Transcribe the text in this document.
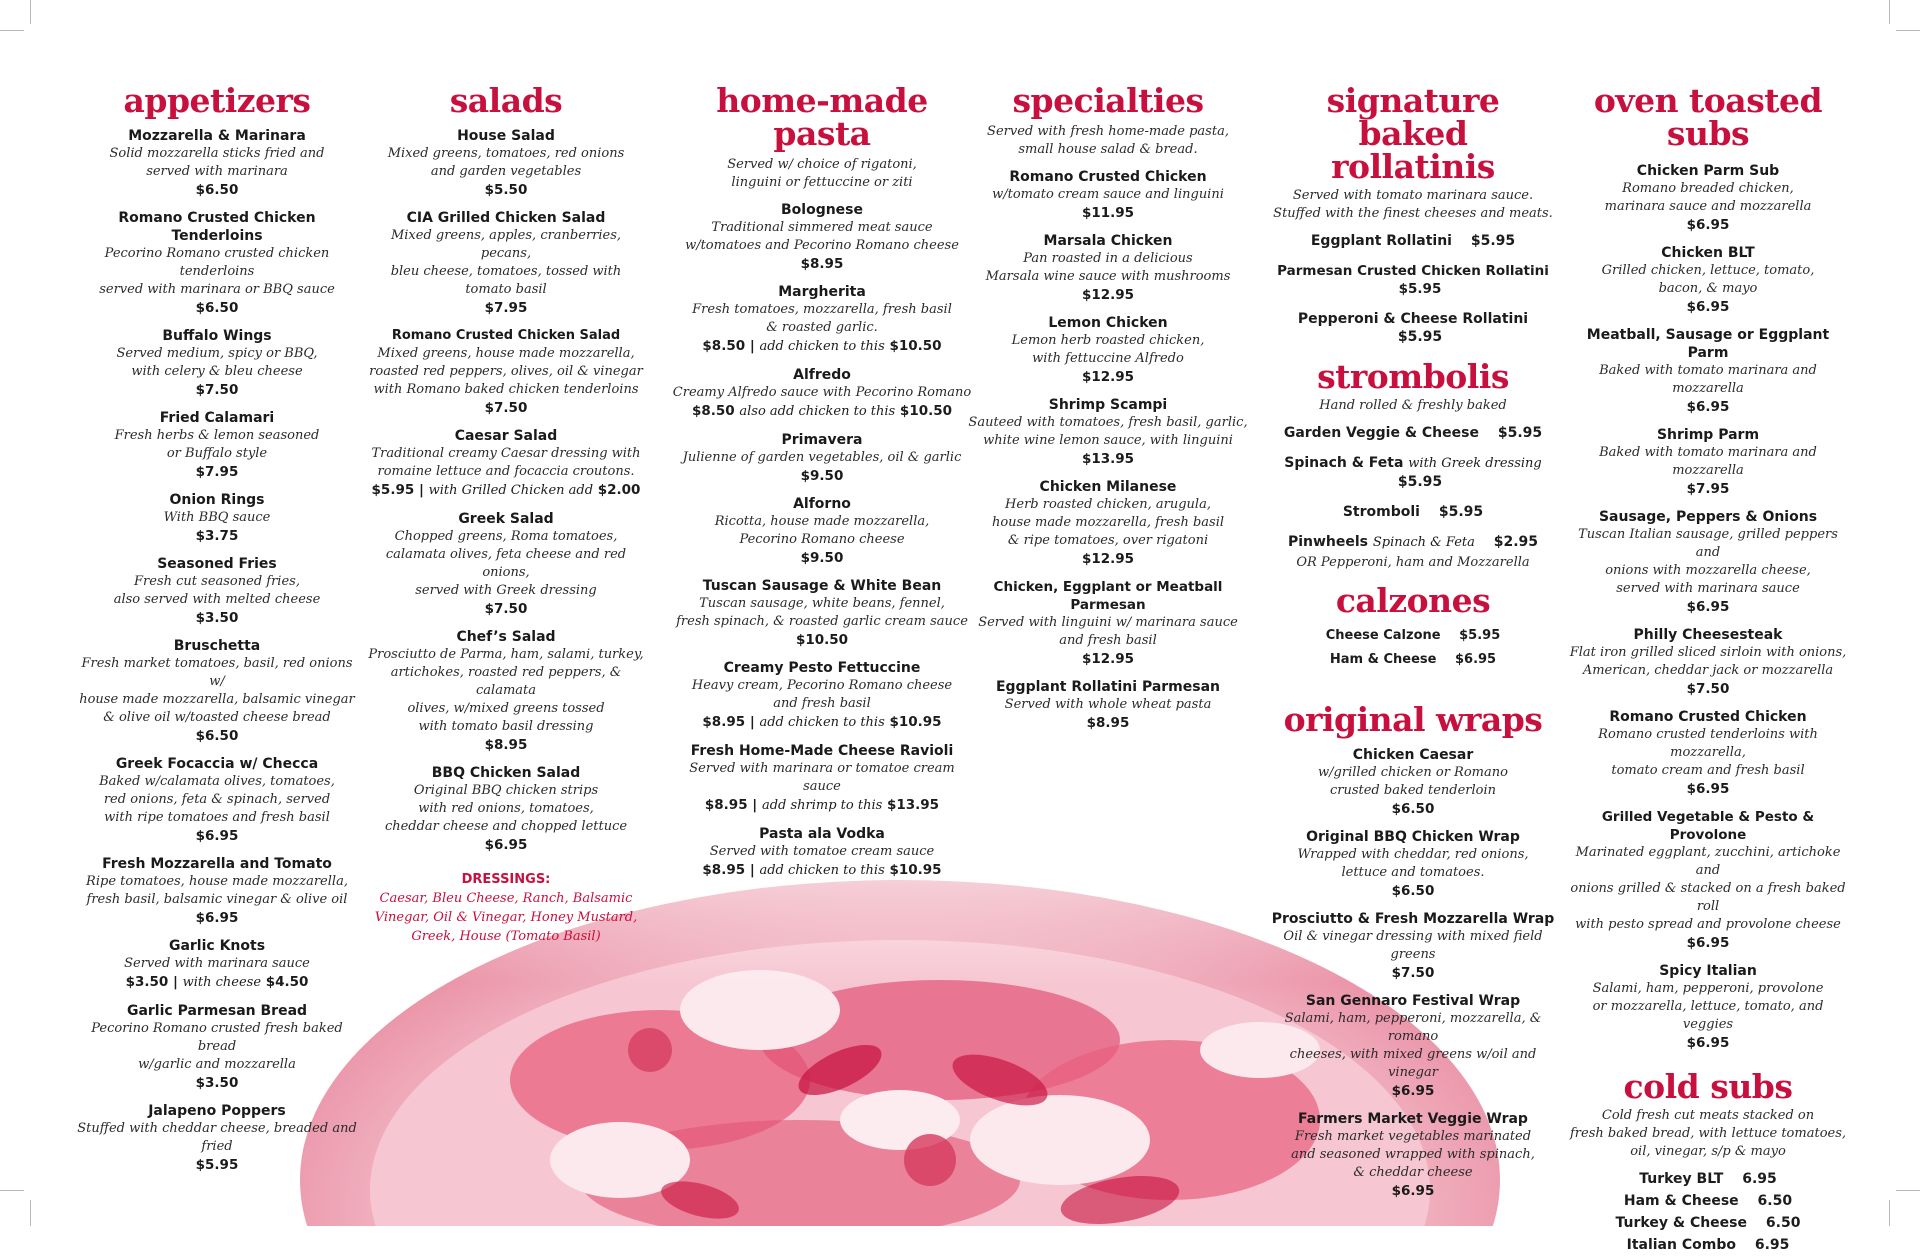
appetizers
Mozzarella & Marinara
Solid mozzarella sticks fried and
served with marinara
$6.50
Romano Crusted Chicken Tenderloins
Pecorino Romano crusted chicken tenderloins
served with marinara or BBQ sauce
$6.50
Buffalo Wings
Served medium, spicy or BBQ,
with celery & bleu cheese
$7.50
Fried Calamari
Fresh herbs & lemon seasoned
or Buffalo style
$7.95
Onion Rings
With BBQ sauce
$3.75
Seasoned Fries
Fresh cut seasoned fries,
also served with melted cheese
$3.50
Bruschetta
Fresh market tomatoes, basil, red onions w/
house made mozzarella, balsamic vinegar
& olive oil w/toasted cheese bread
$6.50
Greek Focaccia w/ Checca
Baked w/calamata olives, tomatoes,
red onions, feta & spinach, served
with ripe tomatoes and fresh basil
$6.95
Fresh Mozzarella and Tomato
Ripe tomatoes, house made mozzarella,
fresh basil, balsamic vinegar & olive oil
$6.95
Garlic Knots
Served with marinara sauce
$3.50 | with cheese $4.50
Garlic Parmesan Bread
Pecorino Romano crusted fresh baked bread
w/garlic and mozzarella
$3.50
Jalapeno Poppers
Stuffed with cheddar cheese, breaded and fried
$5.95
salads
House Salad
Mixed greens, tomatoes, red onions
and garden vegetables
$5.50
CIA Grilled Chicken Salad
Mixed greens, apples, cranberries, pecans,
bleu cheese, tomatoes, tossed with
tomato basil
$7.95
Romano Crusted Chicken Salad
Mixed greens, house made mozzarella,
roasted red peppers, olives, oil & vinegar
with Romano baked chicken tenderloins
$7.50
Caesar Salad
Traditional creamy Caesar dressing with
romaine lettuce and focaccia croutons.
$5.95 | with Grilled Chicken add $2.00
Greek Salad
Chopped greens, Roma tomatoes,
calamata olives, feta cheese and red onions,
served with Greek dressing
$7.50
Chef’s Salad
Prosciutto de Parma, ham, salami, turkey,
artichokes, roasted red peppers, & calamata
olives, w/mixed greens tossed
with tomato basil dressing
$8.95
BBQ Chicken Salad
Original BBQ chicken strips
with red onions, tomatoes,
cheddar cheese and chopped lettuce
$6.95
DRESSINGS:
Caesar, Bleu Cheese, Ranch, Balsamic
Vinegar, Oil & Vinegar, Honey Mustard,
Greek, House (Tomato Basil)
home-made pasta
Served w/ choice of rigatoni,
linguini or fettuccine or ziti
Bolognese
Traditional simmered meat sauce
w/tomatoes and Pecorino Romano cheese
$8.95
Margherita
Fresh tomatoes, mozzarella, fresh basil
& roasted garlic.
$8.50 | add chicken to this $10.50
Alfredo
Creamy Alfredo sauce with Pecorino Romano
$8.50 also add chicken to this $10.50
Primavera
Julienne of garden vegetables, oil & garlic
$9.50
Alforno
Ricotta, house made mozzarella,
Pecorino Romano cheese
$9.50
Tuscan Sausage & White Bean
Tuscan sausage, white beans, fennel,
fresh spinach, & roasted garlic cream sauce
$10.50
Creamy Pesto Fettuccine
Heavy cream, Pecorino Romano cheese
and fresh basil
$8.95 | add chicken to this $10.95
Fresh Home-Made Cheese Ravioli
Served with marinara or tomatoe cream sauce
$8.95 | add shrimp to this $13.95
Pasta ala Vodka
Served with tomatoe cream sauce
$8.95 | add chicken to this $10.95
specialties
Served with fresh home-made pasta,
small house salad & bread.
Romano Crusted Chicken
w/tomato cream sauce and linguini
$11.95
Marsala Chicken
Pan roasted in a delicious
Marsala wine sauce with mushrooms
$12.95
Lemon Chicken
Lemon herb roasted chicken,
with fettuccine Alfredo
$12.95
Shrimp Scampi
Sauteed with tomatoes, fresh basil, garlic,
white wine lemon sauce, with linguini
$13.95
Chicken Milanese
Herb roasted chicken, arugula,
house made mozzarella, fresh basil
& ripe tomatoes, over rigatoni
$12.95
Chicken, Eggplant or Meatball Parmesan
Served with linguini w/ marinara sauce
and fresh basil
$12.95
Eggplant Rollatini Parmesan
Served with whole wheat pasta
$8.95
signature baked
rollatinis
Served with tomato marinara sauce.
Stuffed with the finest cheeses and meats.
Eggplant Rollatini $5.95
Parmesan Crusted Chicken Rollatini $5.95
Pepperoni & Cheese Rollatini $5.95
strombolis
Hand rolled & freshly baked
Garden Veggie & Cheese $5.95
Spinach & Feta with Greek dressing $5.95
Stromboli $5.95
Pinwheels Spinach & Feta $2.95
OR Pepperoni, ham and Mozzarella
calzones
Cheese Calzone $5.95
Ham & Cheese $6.95
original wraps
Chicken Caesar
w/grilled chicken or Romano
crusted baked tenderloin
$6.50
Original BBQ Chicken Wrap
Wrapped with cheddar, red onions,
lettuce and tomatoes.
$6.50
Prosciutto & Fresh Mozzarella Wrap
Oil & vinegar dressing with mixed field greens
$7.50
San Gennaro Festival Wrap
Salami, ham, pepperoni, mozzarella, & romano
cheeses, with mixed greens w/oil and vinegar
$6.95
Farmers Market Veggie Wrap
Fresh market vegetables marinated
and seasoned wrapped with spinach,
& cheddar cheese
$6.95
oven toasted
subs
Chicken Parm Sub
Romano breaded chicken,
marinara sauce and mozzarella
$6.95
Chicken BLT
Grilled chicken, lettuce, tomato,
bacon, & mayo
$6.95
Meatball, Sausage or Eggplant Parm
Baked with tomato marinara and mozzarella
$6.95
Shrimp Parm
Baked with tomato marinara and mozzarella
$7.95
Sausage, Peppers & Onions
Tuscan Italian sausage, grilled peppers and
onions with mozzarella cheese,
served with marinara sauce
$6.95
Philly Cheesesteak
Flat iron grilled sliced sirloin with onions,
American, cheddar jack or mozzarella
$7.50
Romano Crusted Chicken
Romano crusted tenderloins with mozzarella,
tomato cream and fresh basil
$6.95
Grilled Vegetable & Pesto & Provolone
Marinated eggplant, zucchini, artichoke and
onions grilled & stacked on a fresh baked roll
with pesto spread and provolone cheese
$6.95
Spicy Italian
Salami, ham, pepperoni, provolone
or mozzarella, lettuce, tomato, and veggies
$6.95
cold subs
Cold fresh cut meats stacked on
fresh baked bread, with lettuce tomatoes,
oil, vinegar, s/p & mayo
Turkey BLT 6.95
Ham & Cheese 6.50
Turkey & Cheese 6.50
Italian Combo 6.95
